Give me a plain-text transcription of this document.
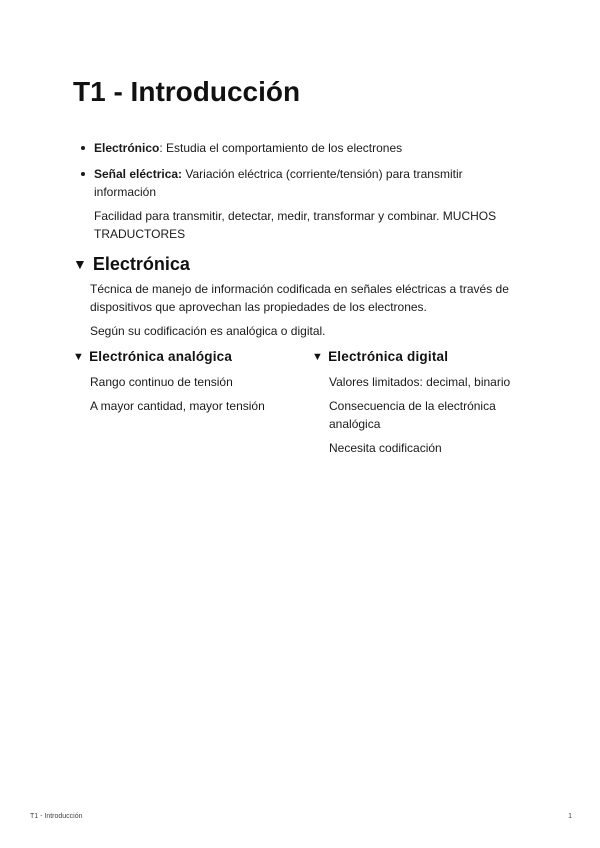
T1 - Introducción
Electrónico: Estudia el comportamiento de los electrones
Señal eléctrica: Variación eléctrica (corriente/tensión) para transmitir información
Facilidad para transmitir, detectar, medir, transformar y combinar. MUCHOS TRADUCTORES
▼ Electrónica

Técnica de manejo de información codificada en señales eléctricas a través de dispositivos que aprovechan las propiedades de los electrones.

Según su codificación es analógica o digital.

▼ Electrónica analógica

Rango continuo de tensión

A mayor cantidad, mayor tensión

▼ Electrónica digital

Valores limitados: decimal, binario

Consecuencia de la electrónica analógica

Necesita codificación

T1 - Introducción	1
